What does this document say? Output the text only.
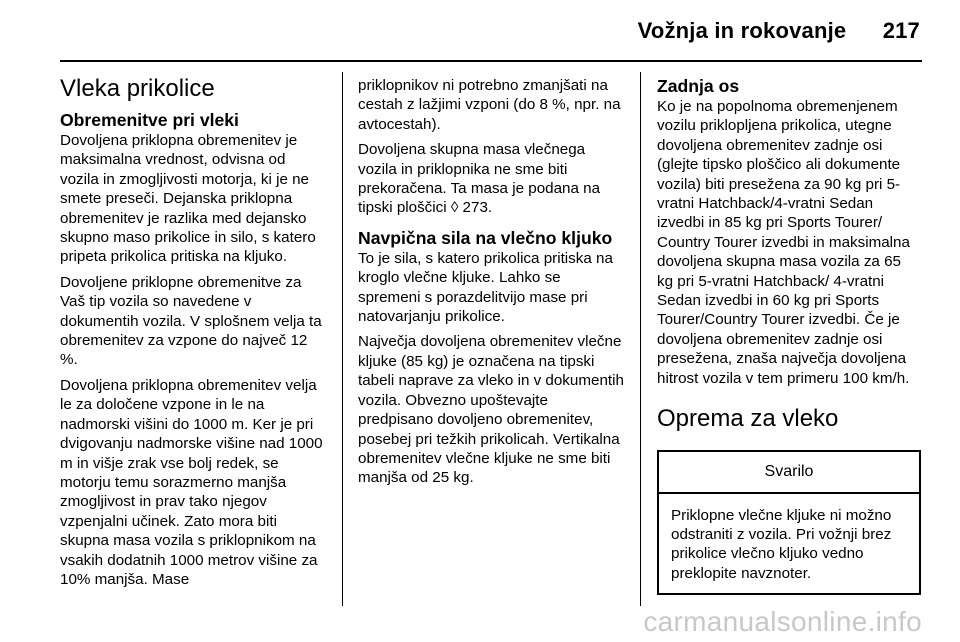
Vožnja in rokovanje 217
Vleka prikolice
Obremenitve pri vleki

Dovoljena priklopna obremenitev je maksimalna vrednost, odvisna od vozila in zmogljivosti motorja, ki je ne smete preseči. Dejanska priklopna obremenitev je razlika med dejansko skupno maso prikolice in silo, s katero pripeta prikolica pritiska na kljuko.

Dovoljene priklopne obremenitve za Vaš tip vozila so navedene v dokumentih vozila. V splošnem velja ta obremenitev za vzpone do največ 12 %.

Dovoljena priklopna obremenitev velja le za določene vzpone in le na nadmorski višini do 1000 m. Ker je pri dvigovanju nadmorske višine nad 1000 m in višje zrak vse bolj redek, se motorju temu sorazmerno manjša zmogljivost in prav tako njegov vzpenjalni učinek. Zato mora biti skupna masa vozila s priklopnikom na vsakih dodatnih 1000 metrov višine za 10% manjša. Mase

priklopnikov ni potrebno zmanjšati na cestah z lažjimi vzponi (do 8 %, npr. na avtocestah).

Dovoljena skupna masa vlečnega vozila in priklopnika ne sme biti prekoračena. Ta masa je podana na tipski ploščici ◊ 273.

Navpična sila na vlečno kljuko

To je sila, s katero prikolica pritiska na kroglo vlečne kljuke. Lahko se spremeni s porazdelitvijo mase pri natovarjanju prikolice.

Največja dovoljena obremenitev vlečne kljuke (85 kg) je označena na tipski tabeli naprave za vleko in v dokumentih vozila. Obvezno upoštevajte predpisano dovoljeno obremenitev, posebej pri težkih prikolicah. Vertikalna obremenitev vlečne kljuke ne sme biti manjša od 25 kg.

Zadnja os

Ko je na popolnoma obremenjenem vozilu priklopljena prikolica, utegne dovoljena obremenitev zadnje osi (glejte tipsko ploščico ali dokumente vozila) biti presežena za 90 kg pri 5-vratni Hatchback/4-vratni Sedan izvedbi in 85 kg pri Sports Tourer/ Country Tourer izvedbi in maksimalna dovoljena skupna masa vozila za 65 kg pri 5-vratni Hatchback/ 4-vratni Sedan izvedbi in 60 kg pri Sports Tourer/Country Tourer izvedbi. Če je dovoljena obremenitev zadnje osi presežena, znaša največja dovoljena hitrost vozila v tem primeru 100 km/h.

Oprema za vleko
Svarilo
Priklopne vlečne kljuke ni možno odstraniti z vozila. Pri vožnji brez prikolice vlečno kljuko vedno preklopite navznoter.
carmanualsonline.info
